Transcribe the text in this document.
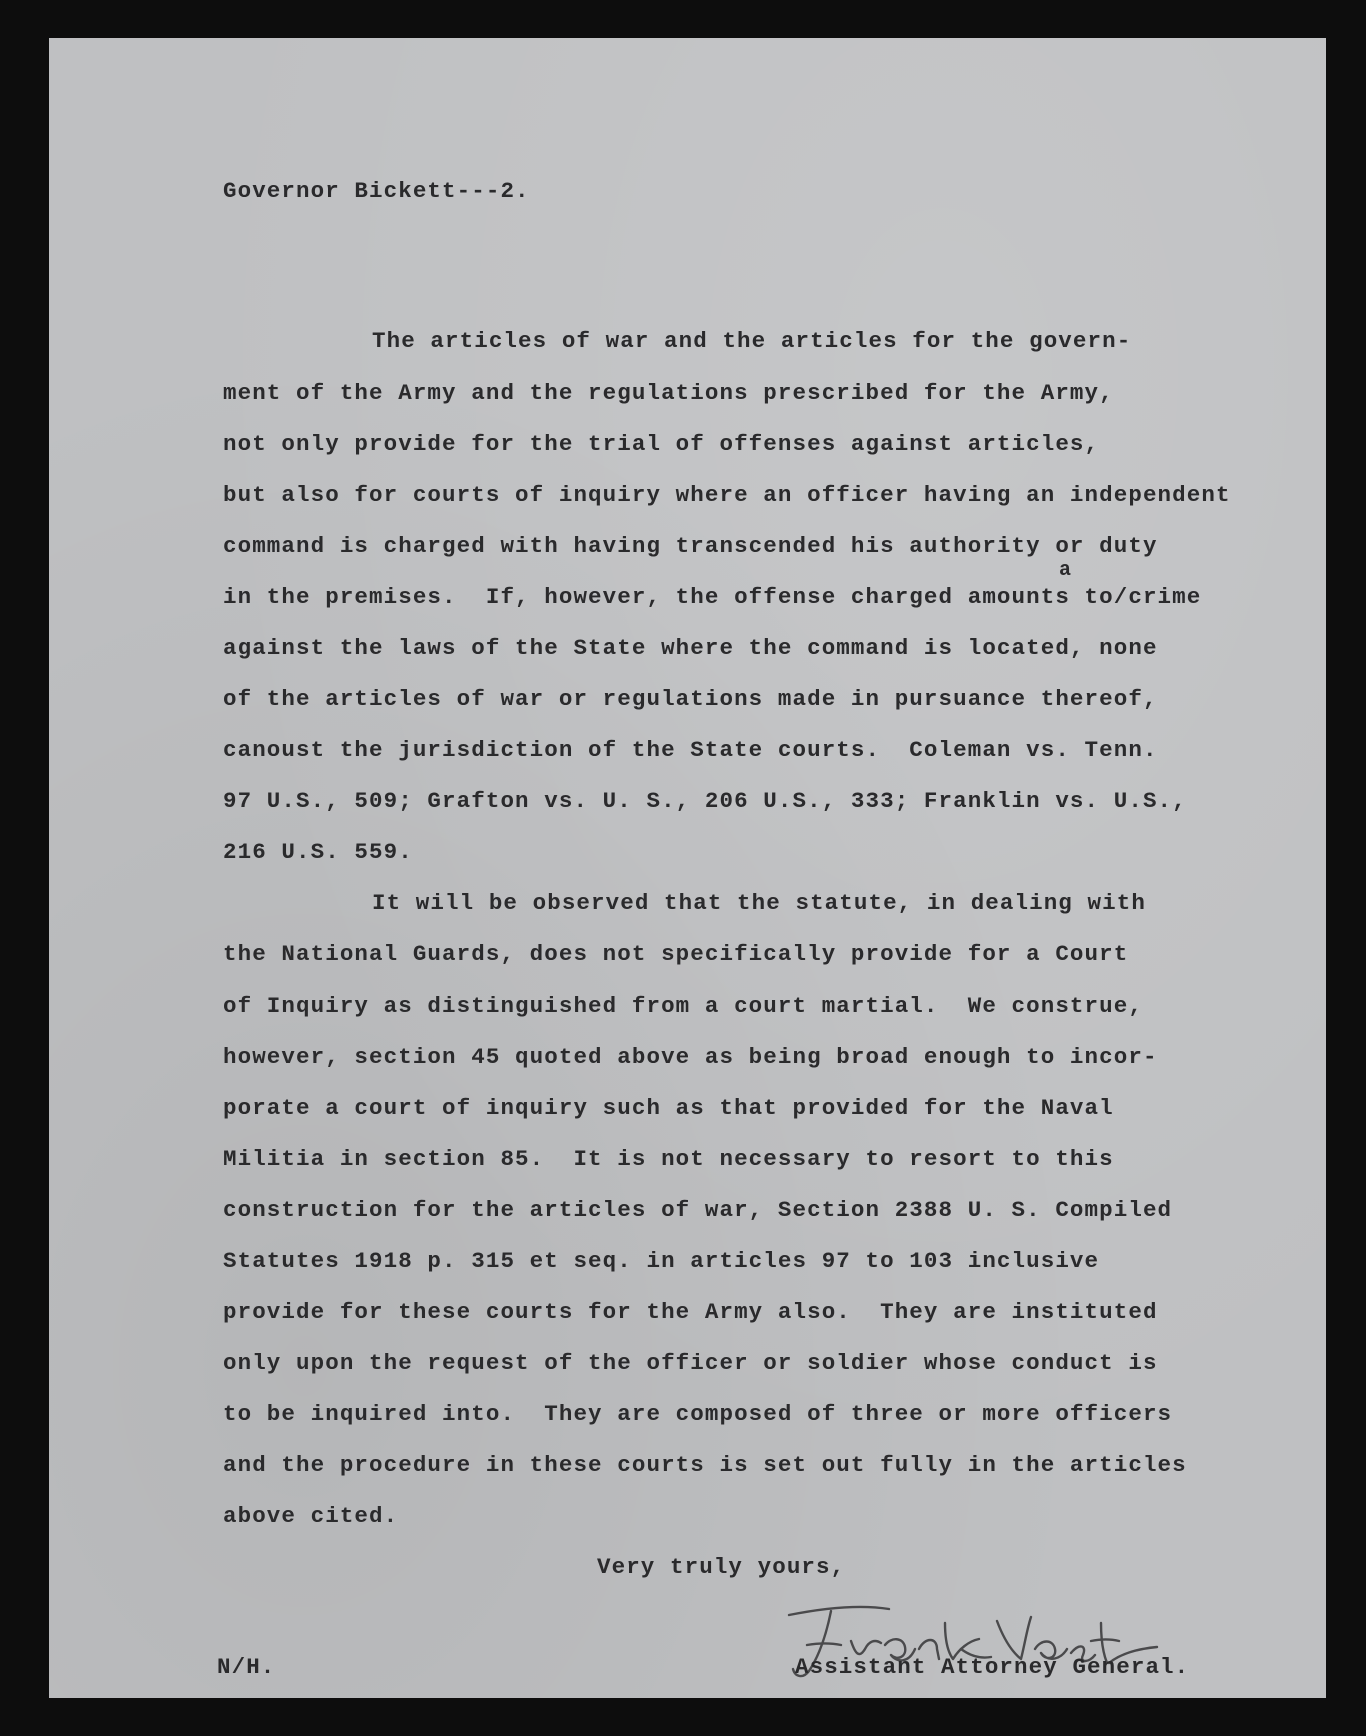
Governor Bickett---2.
The articles of war and the articles for the govern-
ment of the Army and the regulations prescribed for the Army,
not only provide for the trial of offenses against articles,
but also for courts of inquiry where an officer having an independent
command is charged with having transcended his authority or duty
a
in the premises.  If, however, the offense charged amounts to/crime
against the laws of the State where the command is located, none
of the articles of war or regulations made in pursuance thereof,
canoust the jurisdiction of the State courts.  Coleman vs. Tenn.
97 U.S., 509; Grafton vs. U. S., 206 U.S., 333; Franklin vs. U.S.,
216 U.S. 559.
It will be observed that the statute, in dealing with
the National Guards, does not specifically provide for a Court
of Inquiry as distinguished from a court martial.  We construe,
however, section 45 quoted above as being broad enough to incor-
porate a court of inquiry such as that provided for the Naval
Militia in section 85.  It is not necessary to resort to this
construction for the articles of war, Section 2388 U. S. Compiled
Statutes 1918 p. 315 et seq. in articles 97 to 103 inclusive
provide for these courts for the Army also.  They are instituted
only upon the request of the officer or soldier whose conduct is
to be inquired into.  They are composed of three or more officers
and the procedure in these courts is set out fully in the articles
above cited.
Very truly yours,
N/H.	Assistant Attorney General.
